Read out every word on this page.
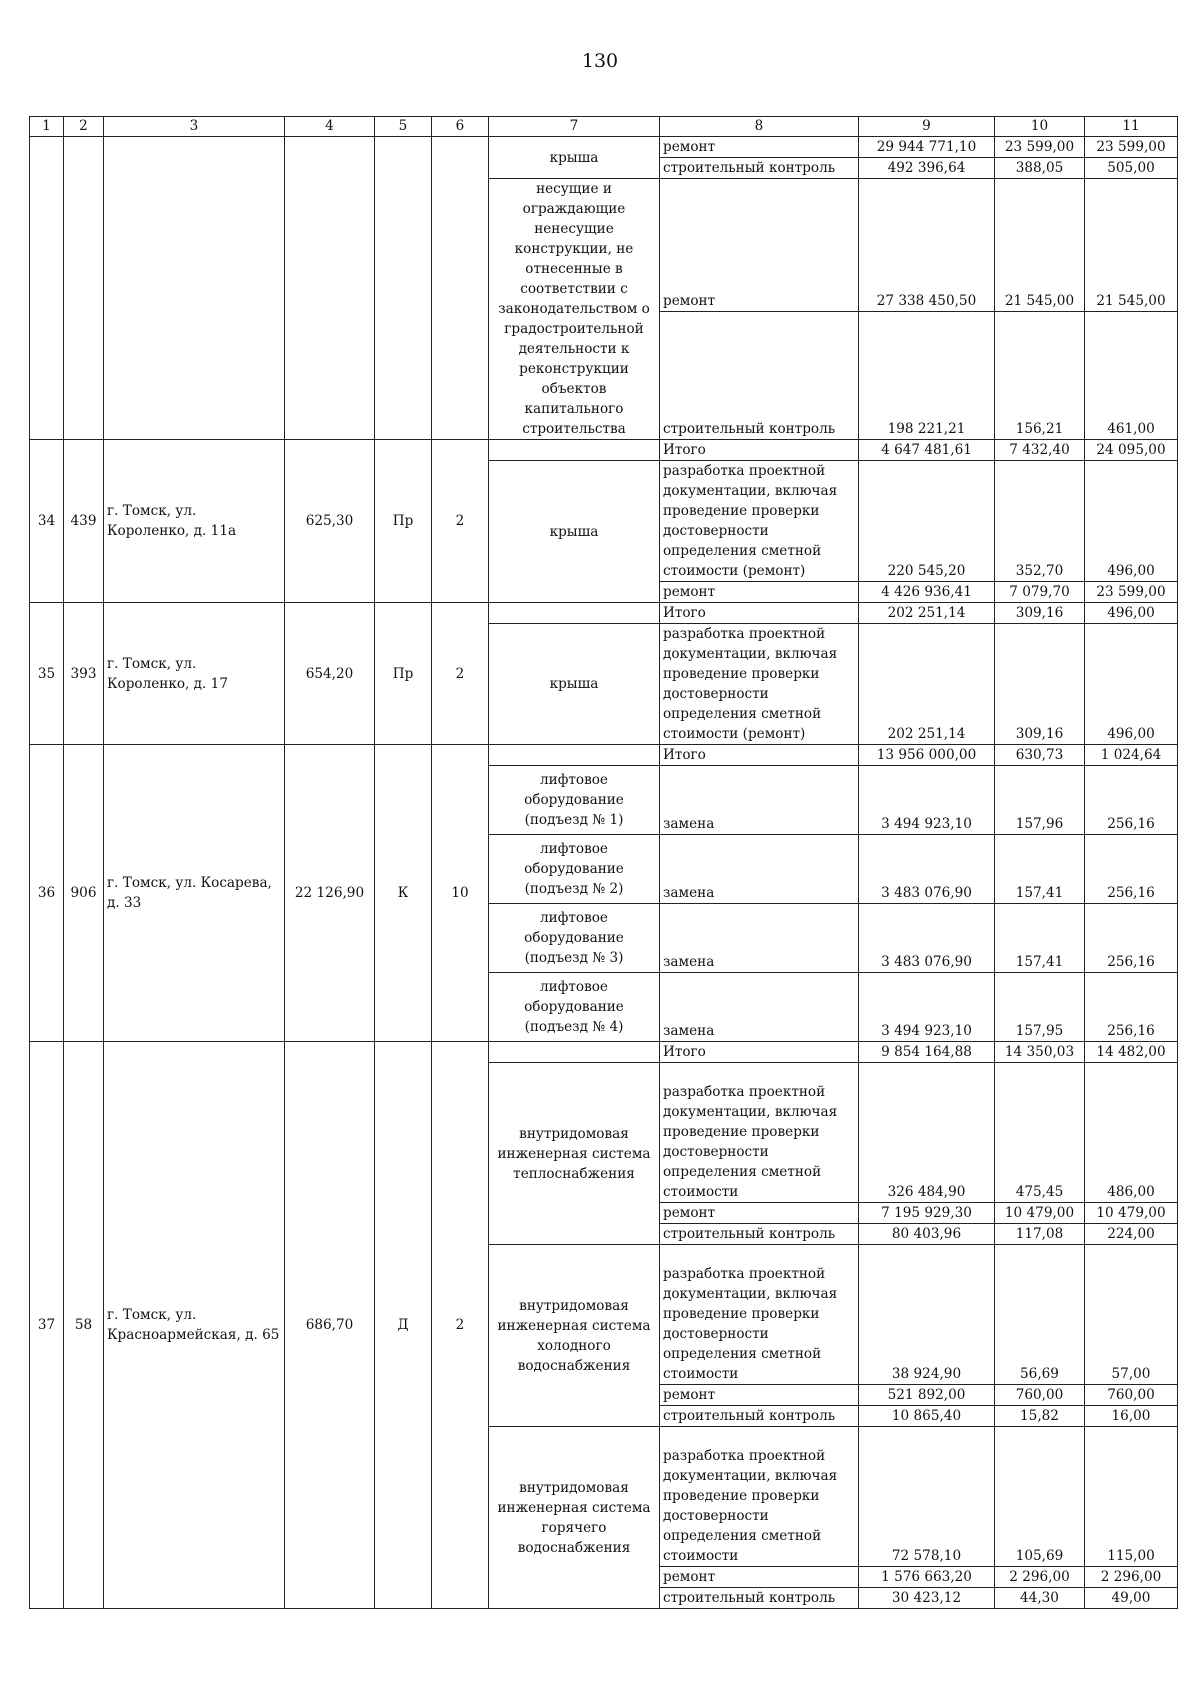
130
1	2	3	4	5	6	7	8	9	10	11
						крыша	ремонт	29 944 771,10	23 599,00	23 599,00
							строительный контроль	492 396,64	388,05	505,00
						несущие и ограждающие ненесущие конструкции, не отнесенные в соответствии с законодательством о градостроительной деятельности к реконструкции объектов капитального строительства	ремонт	27 338 450,50	21 545,00	21 545,00
							строительный контроль	198 221,21	156,21	461,00
34	439	г. Томск, ул. Короленко, д. 11а	625,30	Пр	2		Итого	4 647 481,61	7 432,40	24 095,00
						крыша	разработка проектной документации, включая проведение проверки достоверности определения сметной стоимости (ремонт)	220 545,20	352,70	496,00
							ремонт	4 426 936,41	7 079,70	23 599,00
35	393	г. Томск, ул. Короленко, д. 17	654,20	Пр	2		Итого	202 251,14	309,16	496,00
						крыша	разработка проектной документации, включая проведение проверки достоверности определения сметной стоимости (ремонт)	202 251,14	309,16	496,00
36	906	г. Томск, ул. Косарева, д. 33	22 126,90	К	10		Итого	13 956 000,00	630,73	1 024,64
						лифтовое оборудование (подъезд № 1)	замена	3 494 923,10	157,96	256,16
						лифтовое оборудование (подъезд № 2)	замена	3 483 076,90	157,41	256,16
						лифтовое оборудование (подъезд № 3)	замена	3 483 076,90	157,41	256,16
						лифтовое оборудование (подъезд № 4)	замена	3 494 923,10	157,95	256,16
37	58	г. Томск, ул. Красноармейская, д. 65	686,70	Д	2		Итого	9 854 164,88	14 350,03	14 482,00
						внутридомовая инженерная система теплоснабжения	разработка проектной документации, включая проведение проверки достоверности определения сметной стоимости	326 484,90	475,45	486,00
							ремонт	7 195 929,30	10 479,00	10 479,00
							строительный контроль	80 403,96	117,08	224,00
						внутридомовая инженерная система холодного водоснабжения	разработка проектной документации, включая проведение проверки достоверности определения сметной стоимости	38 924,90	56,69	57,00
							ремонт	521 892,00	760,00	760,00
							строительный контроль	10 865,40	15,82	16,00
						внутридомовая инженерная система горячего водоснабжения	разработка проектной документации, включая проведение проверки достоверности определения сметной стоимости	72 578,10	105,69	115,00
							ремонт	1 576 663,20	2 296,00	2 296,00
							строительный контроль	30 423,12	44,30	49,00
